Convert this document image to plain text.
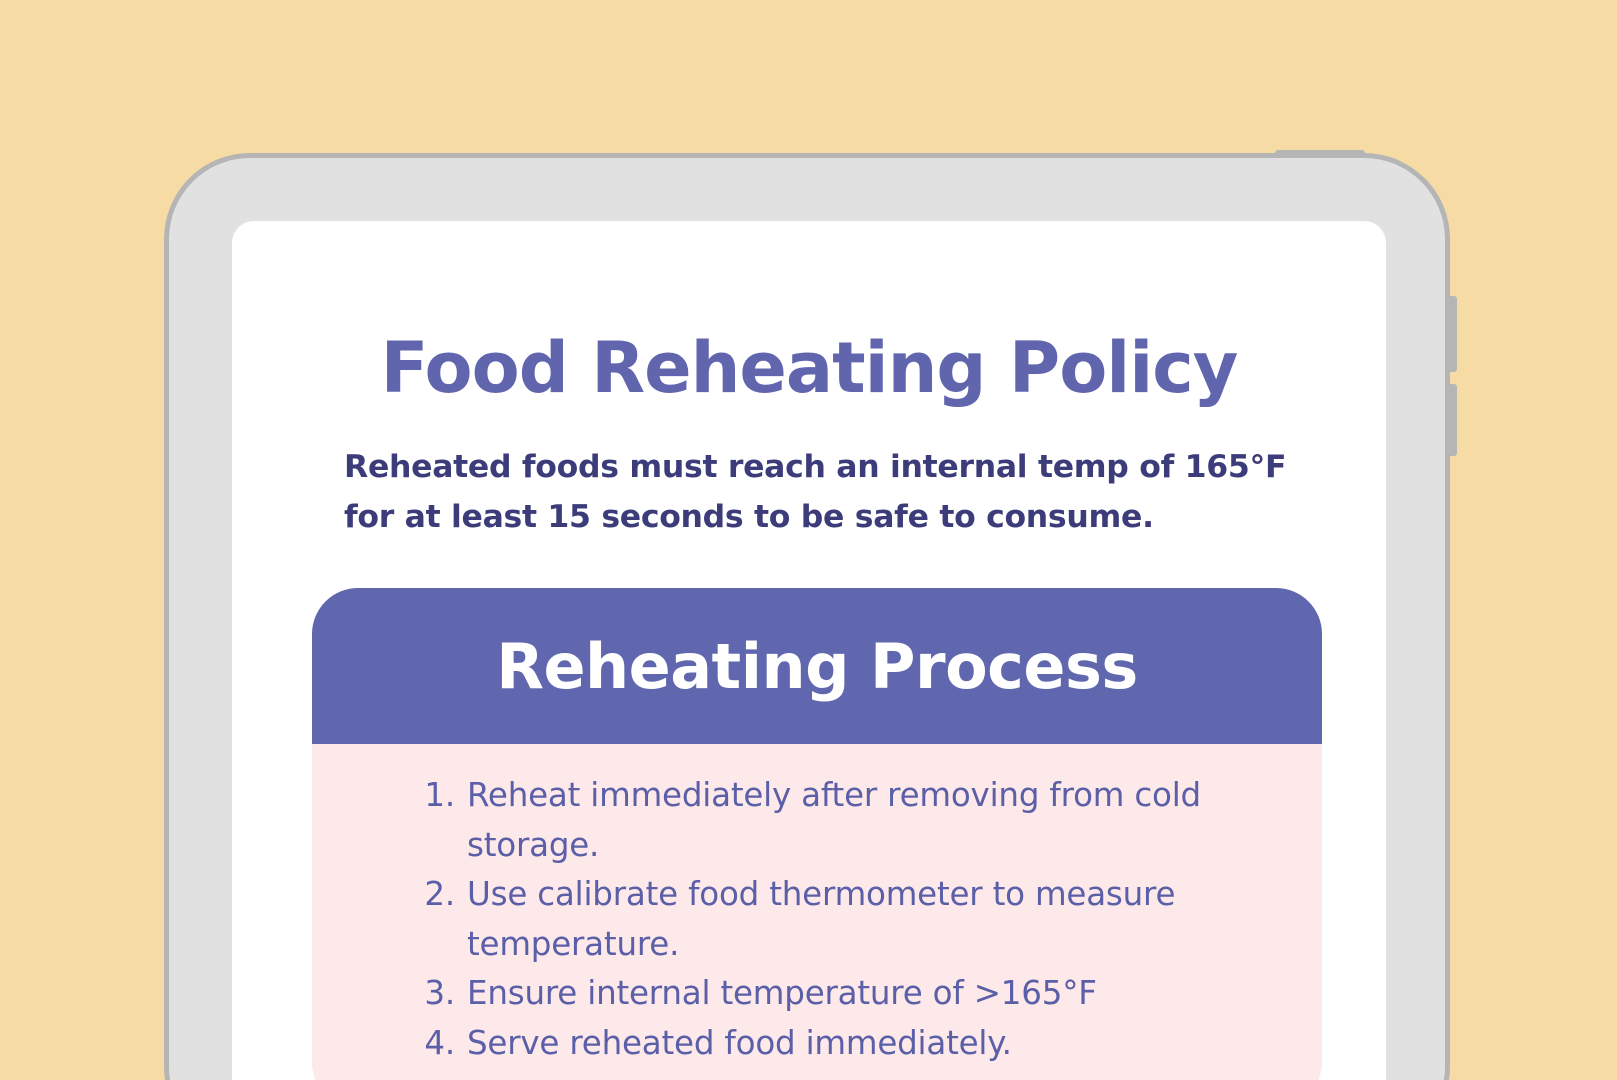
Food Reheating Policy

Reheated foods must reach an internal temp of 165°F for at least 15 seconds to be safe to consume.

Reheating Process
1. Reheat immediately after removing from cold storage.
2. Use calibrate food thermometer to measure temperature.
3. Ensure internal temperature of >165°F
4. Serve reheated food immediately.
